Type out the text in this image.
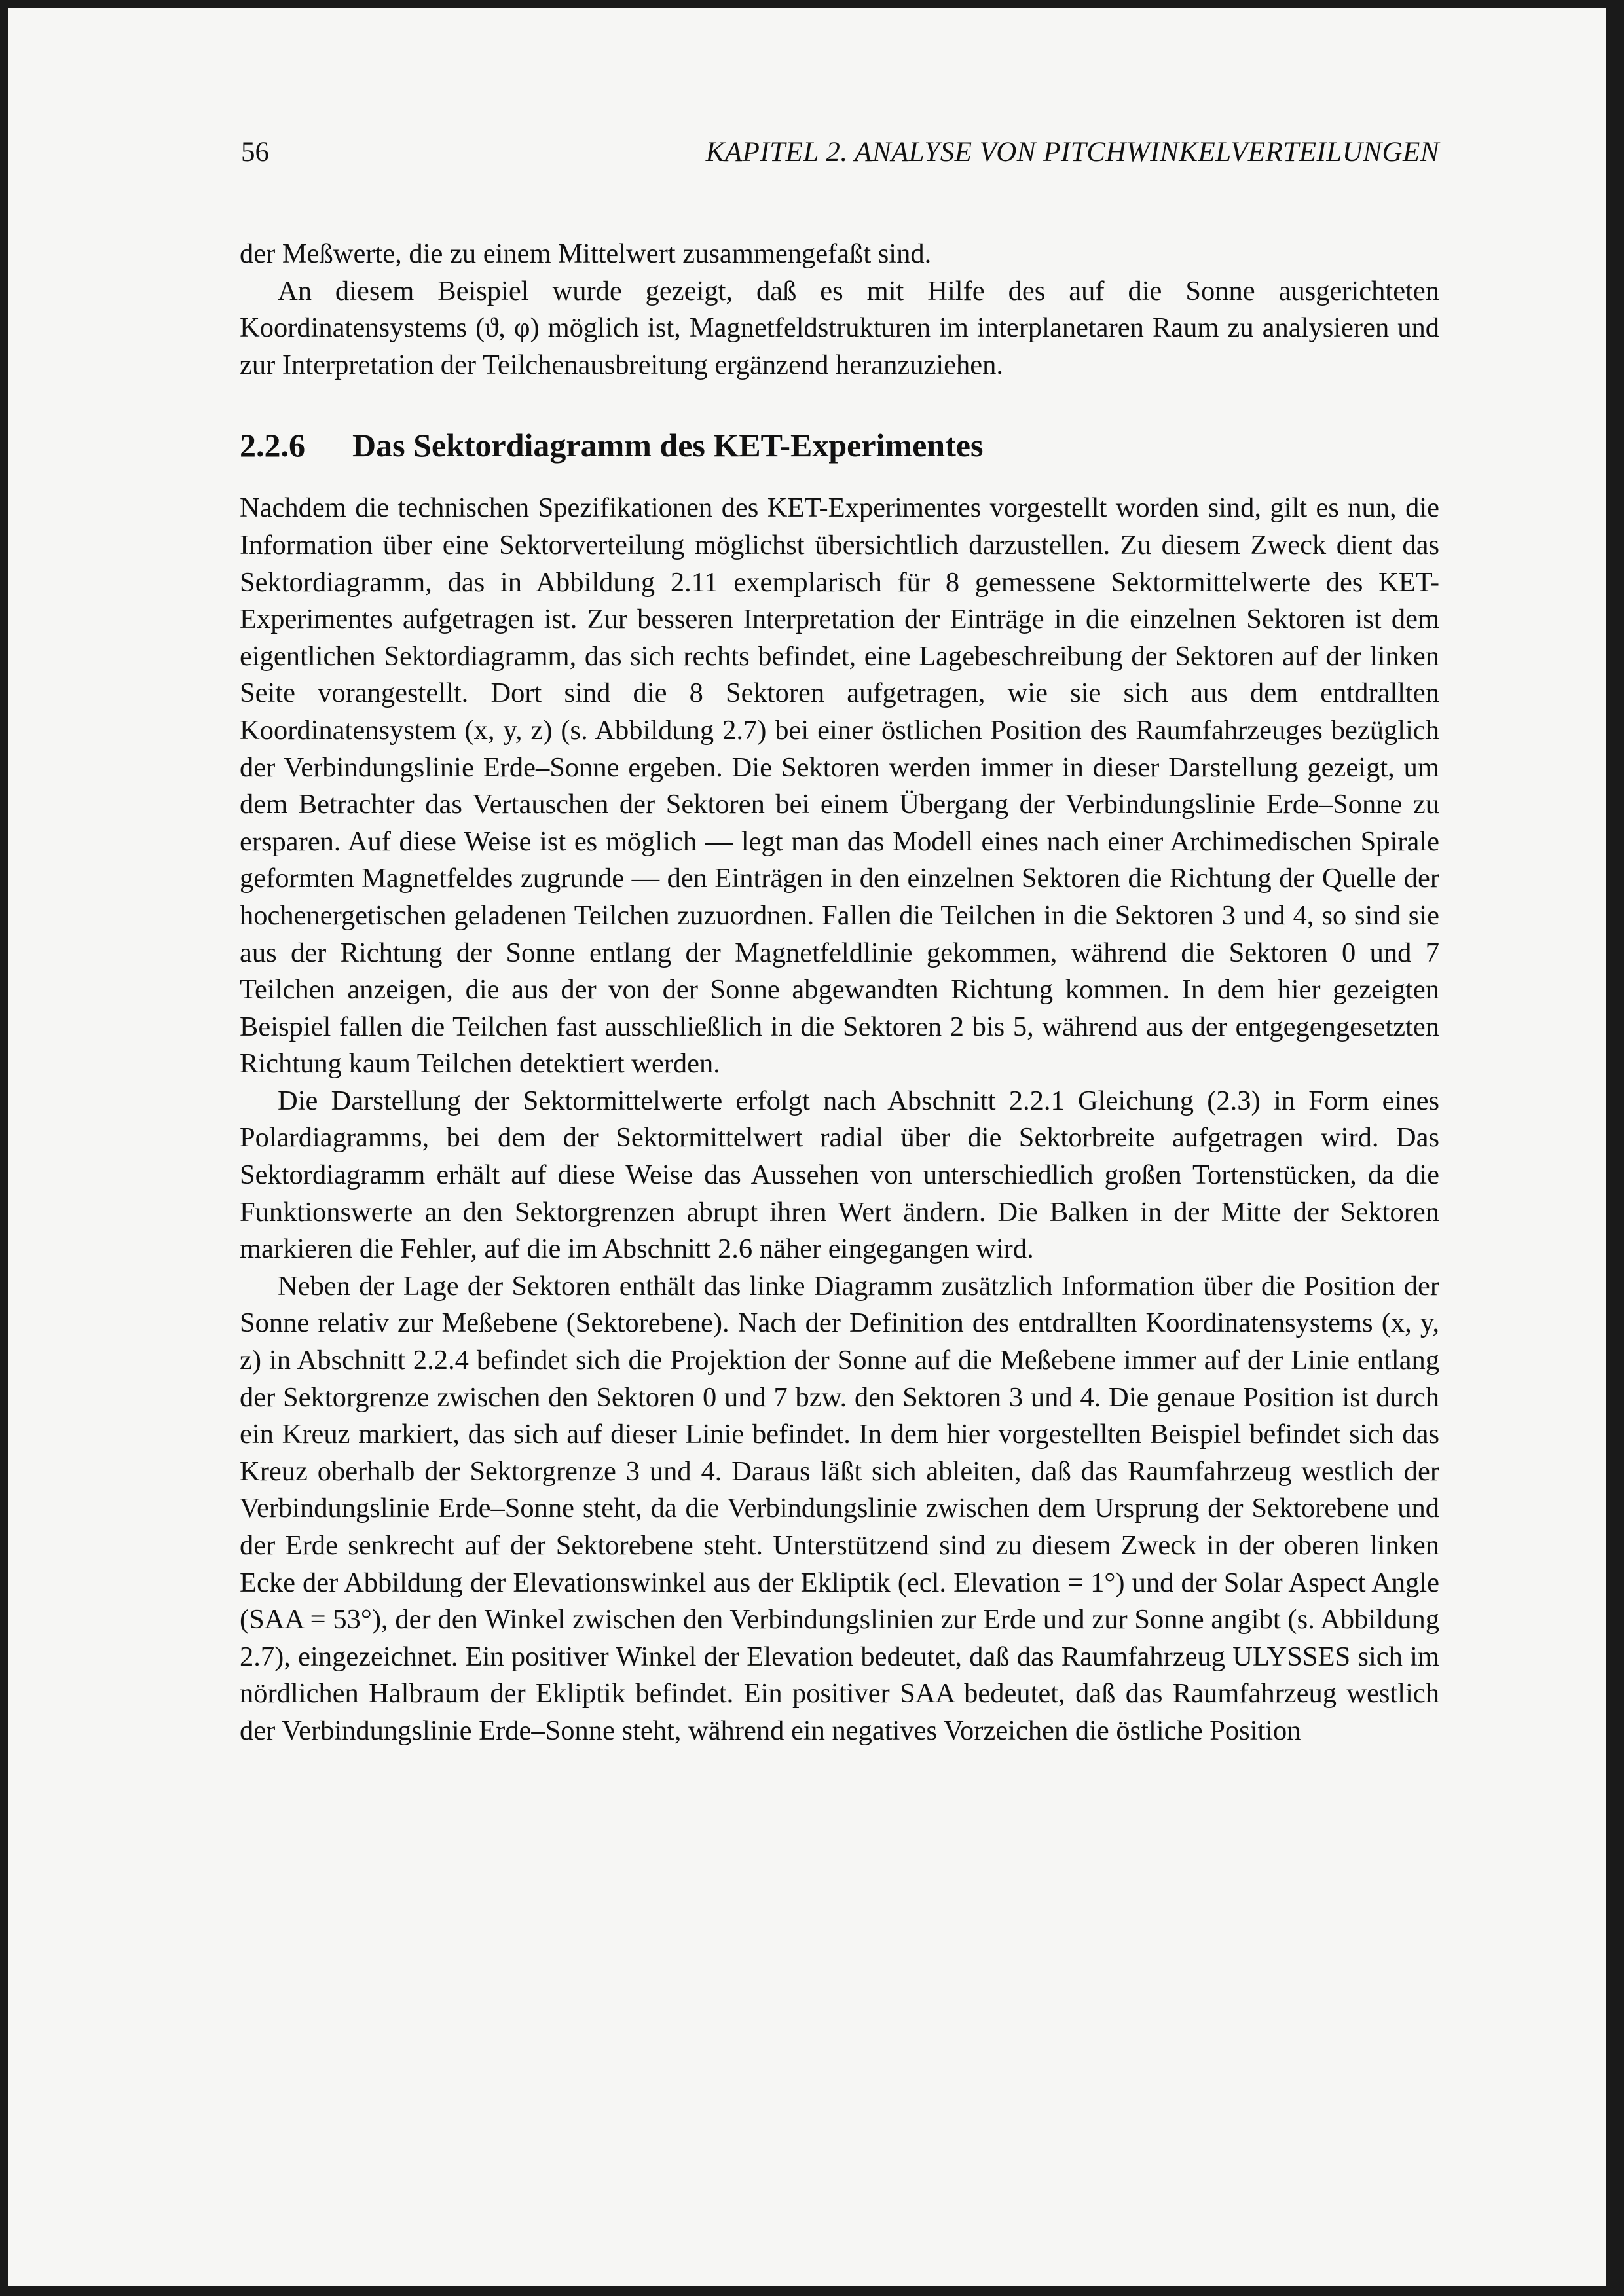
56	KAPITEL 2. ANALYSE VON PITCHWINKELVERTEILUNGEN

der Meßwerte, die zu einem Mittelwert zusammengefaßt sind.

An diesem Beispiel wurde gezeigt, daß es mit Hilfe des auf die Sonne ausgerichteten Koordinatensystems (ϑ, φ) möglich ist, Magnetfeldstrukturen im interplanetaren Raum zu analysieren und zur Interpretation der Teilchenausbreitung ergänzend heranzuziehen.

2.2.6 Das Sektordiagramm des KET-Experimentes

Nachdem die technischen Spezifikationen des KET-Experimentes vorgestellt worden sind, gilt es nun, die Information über eine Sektorverteilung möglichst übersichtlich darzustellen. Zu diesem Zweck dient das Sektordiagramm, das in Abbildung 2.11 exemplarisch für 8 gemessene Sektormittelwerte des KET-Experimentes aufgetragen ist. Zur besseren Interpretation der Einträge in die einzelnen Sektoren ist dem eigentlichen Sektordiagramm, das sich rechts befindet, eine Lagebeschreibung der Sektoren auf der linken Seite vorangestellt. Dort sind die 8 Sektoren aufgetragen, wie sie sich aus dem entdrallten Koordinatensystem (x, y, z) (s. Abbildung 2.7) bei einer östlichen Position des Raumfahrzeuges bezüglich der Verbindungslinie Erde–Sonne ergeben. Die Sektoren werden immer in dieser Darstellung gezeigt, um dem Betrachter das Vertauschen der Sektoren bei einem Übergang der Verbindungslinie Erde–Sonne zu ersparen. Auf diese Weise ist es möglich — legt man das Modell eines nach einer Archimedischen Spirale geformten Magnetfeldes zugrunde — den Einträgen in den einzelnen Sektoren die Richtung der Quelle der hochenergetischen geladenen Teilchen zuzuordnen. Fallen die Teilchen in die Sektoren 3 und 4, so sind sie aus der Richtung der Sonne entlang der Magnetfeldlinie gekommen, während die Sektoren 0 und 7 Teilchen anzeigen, die aus der von der Sonne abgewandten Richtung kommen. In dem hier gezeigten Beispiel fallen die Teilchen fast ausschließlich in die Sektoren 2 bis 5, während aus der entgegengesetzten Richtung kaum Teilchen detektiert werden.

Die Darstellung der Sektormittelwerte erfolgt nach Abschnitt 2.2.1 Gleichung (2.3) in Form eines Polardiagramms, bei dem der Sektormittelwert radial über die Sektorbreite aufgetragen wird. Das Sektordiagramm erhält auf diese Weise das Aussehen von unterschiedlich großen Tortenstücken, da die Funktionswerte an den Sektorgrenzen abrupt ihren Wert ändern. Die Balken in der Mitte der Sektoren markieren die Fehler, auf die im Abschnitt 2.6 näher eingegangen wird.

Neben der Lage der Sektoren enthält das linke Diagramm zusätzlich Information über die Position der Sonne relativ zur Meßebene (Sektorebene). Nach der Definition des entdrallten Koordinatensystems (x, y, z) in Abschnitt 2.2.4 befindet sich die Projektion der Sonne auf die Meßebene immer auf der Linie entlang der Sektorgrenze zwischen den Sektoren 0 und 7 bzw. den Sektoren 3 und 4. Die genaue Position ist durch ein Kreuz markiert, das sich auf dieser Linie befindet. In dem hier vorgestellten Beispiel befindet sich das Kreuz oberhalb der Sektorgrenze 3 und 4. Daraus läßt sich ableiten, daß das Raumfahrzeug westlich der Verbindungslinie Erde–Sonne steht, da die Verbindungslinie zwischen dem Ursprung der Sektorebene und der Erde senkrecht auf der Sektorebene steht. Unterstützend sind zu diesem Zweck in der oberen linken Ecke der Abbildung der Elevationswinkel aus der Ekliptik (ecl. Elevation = 1°) und der Solar Aspect Angle (SAA = 53°), der den Winkel zwischen den Verbindungslinien zur Erde und zur Sonne angibt (s. Abbildung 2.7), eingezeichnet. Ein positiver Winkel der Elevation bedeutet, daß das Raumfahrzeug ULYSSES sich im nördlichen Halbraum der Ekliptik befindet. Ein positiver SAA bedeutet, daß das Raumfahrzeug westlich der Verbindungslinie Erde–Sonne steht, während ein negatives Vorzeichen die östliche Position
